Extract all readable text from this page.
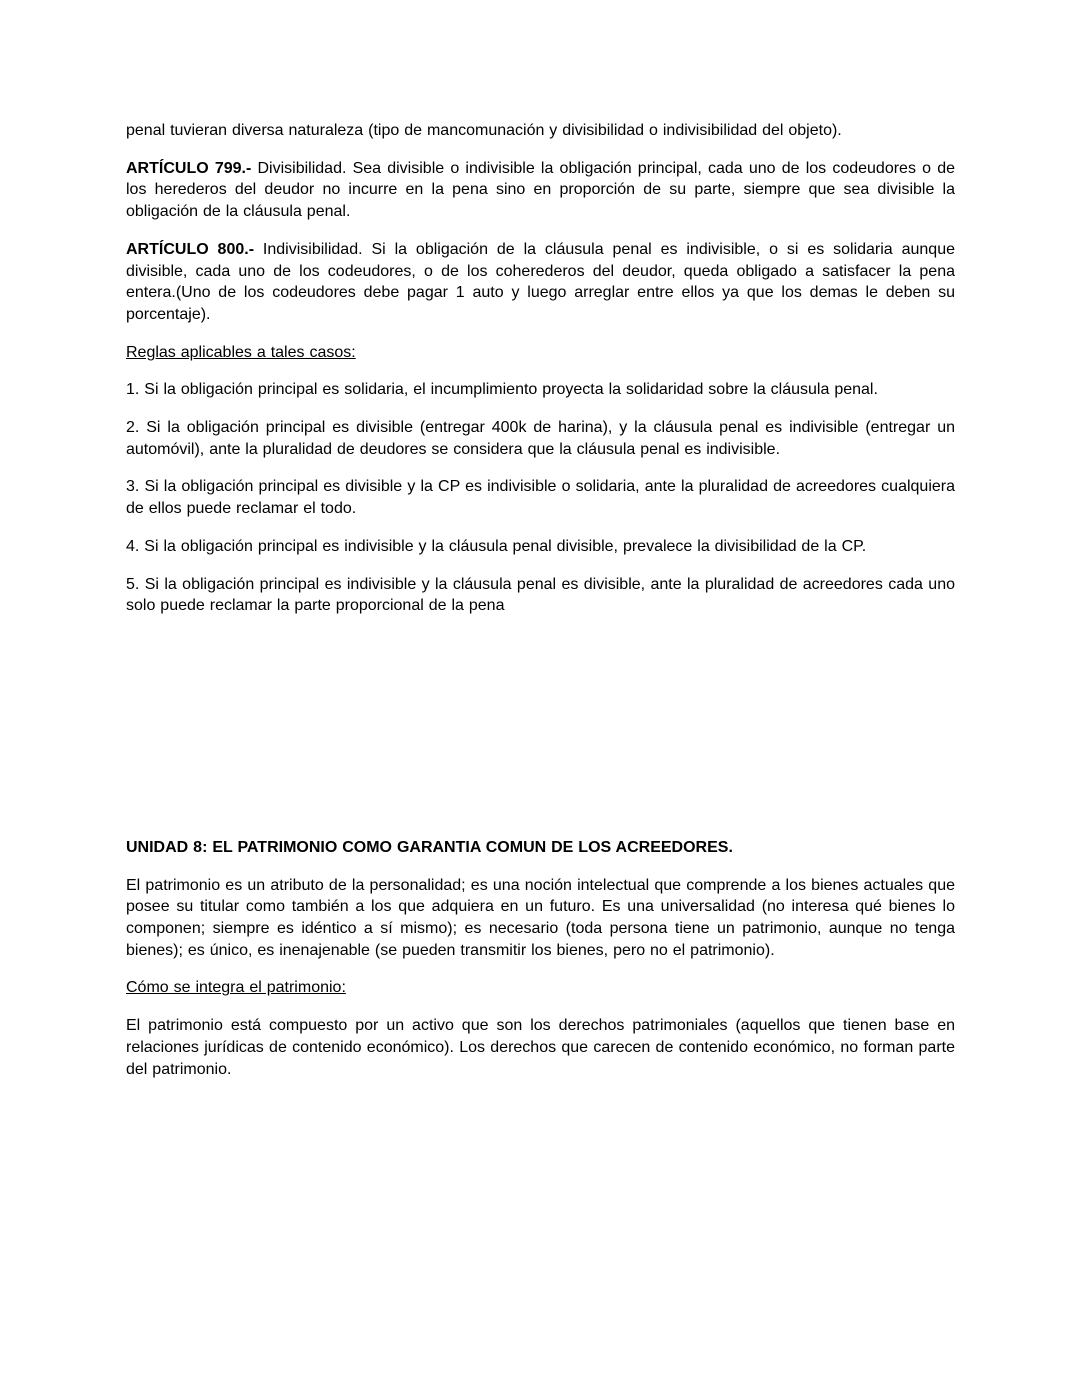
penal tuvieran diversa naturaleza (tipo de mancomunación y divisibilidad o indivisibilidad del objeto).

ARTÍCULO 799.- Divisibilidad. Sea divisible o indivisible la obligación principal, cada uno de los codeudores o de los herederos del deudor no incurre en la pena sino en proporción de su parte, siempre que sea divisible la obligación de la cláusula penal.

ARTÍCULO 800.- Indivisibilidad. Si la obligación de la cláusula penal es indivisible, o si es solidaria aunque divisible, cada uno de los codeudores, o de los coherederos del deudor, queda obligado a satisfacer la pena entera.(Uno de los codeudores debe pagar 1 auto y luego arreglar entre ellos ya que los demas le deben su porcentaje).

Reglas aplicables a tales casos:

1. Si la obligación principal es solidaria, el incumplimiento proyecta la solidaridad sobre la cláusula penal.

2. Si la obligación principal es divisible (entregar 400k de harina), y la cláusula penal es indivisible (entregar un automóvil), ante la pluralidad de deudores se considera que la cláusula penal es indivisible.

3. Si la obligación principal es divisible y la CP es indivisible o solidaria, ante la pluralidad de acreedores cualquiera de ellos puede reclamar el todo.

4. Si la obligación principal es indivisible y la cláusula penal divisible, prevalece la divisibilidad de la CP.

5. Si la obligación principal es indivisible y la cláusula penal es divisible, ante la pluralidad de acreedores cada uno solo puede reclamar la parte proporcional de la pena

UNIDAD 8: EL PATRIMONIO COMO GARANTIA COMUN DE LOS ACREEDORES.

El patrimonio es un atributo de la personalidad; es una noción intelectual que comprende a los bienes actuales que posee su titular como también a los que adquiera en un futuro. Es una universalidad (no interesa qué bienes lo componen; siempre es idéntico a sí mismo); es necesario (toda persona tiene un patrimonio, aunque no tenga bienes); es único, es inenajenable (se pueden transmitir los bienes, pero no el patrimonio).

Cómo se integra el patrimonio:

El patrimonio está compuesto por un activo que son los derechos patrimoniales (aquellos que tienen base en relaciones jurídicas de contenido económico). Los derechos que carecen de contenido económico, no forman parte del patrimonio.
